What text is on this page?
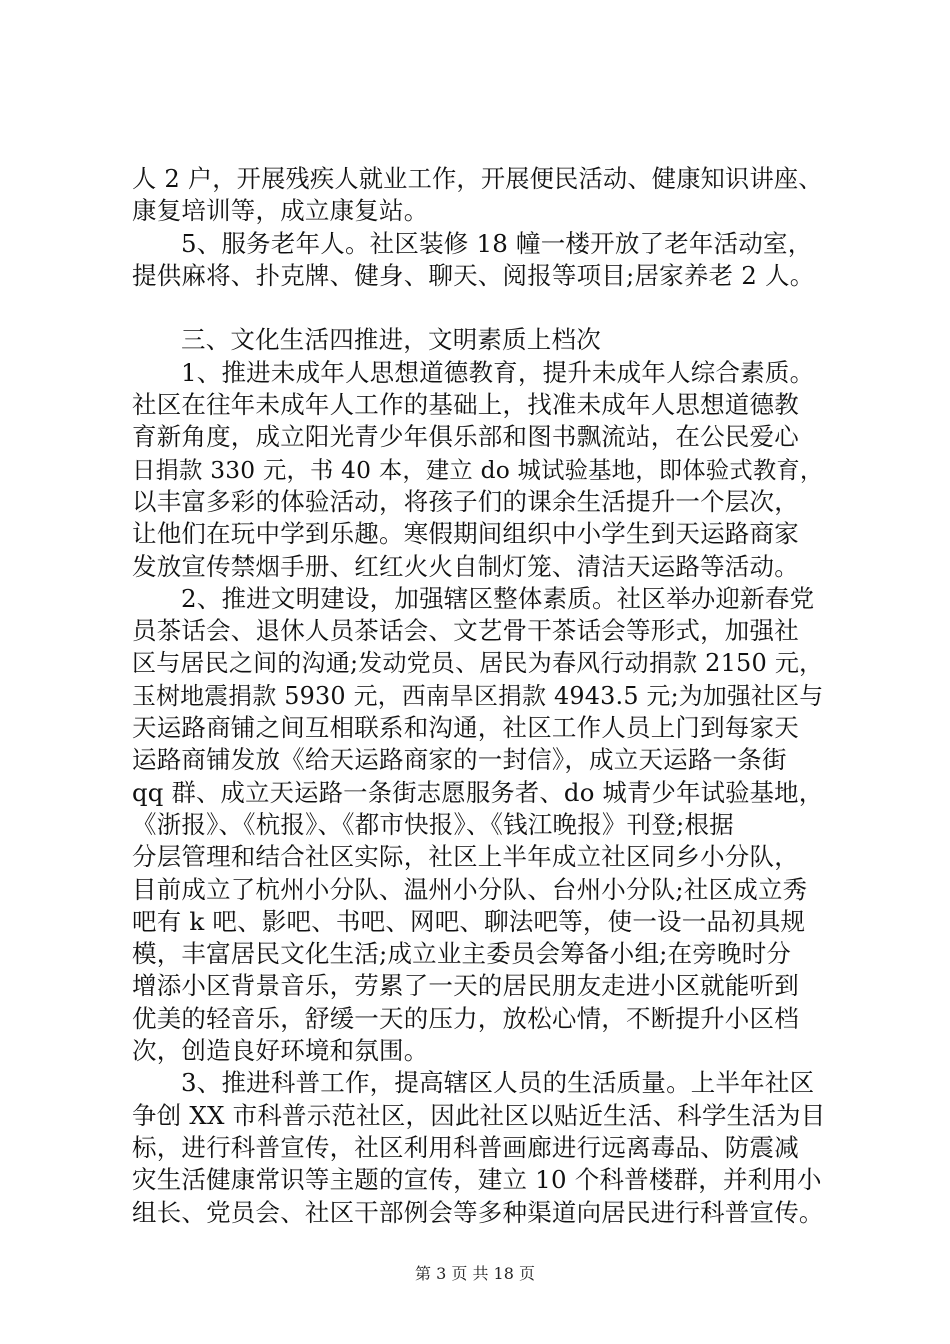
人 2 户，开展残疾人就业工作，开展便民活动、健康知识讲座、
康复培训等，成立康复站。
5、服务老年人。社区装修 18 幢一楼开放了老年活动室，
提供麻将、扑克牌、健身、聊天、阅报等项目;居家养老 2 人。
三、文化生活四推进，文明素质上档次
1、推进未成年人思想道德教育，提升未成年人综合素质。
社区在往年未成年人工作的基础上，找准未成年人思想道德教
育新角度，成立阳光青少年俱乐部和图书飘流站，在公民爱心
日捐款 330 元，书 40 本，建立 do 城试验基地，即体验式教育，
以丰富多彩的体验活动，将孩子们的课余生活提升一个层次，
让他们在玩中学到乐趣。寒假期间组织中小学生到天运路商家
发放宣传禁烟手册、红红火火自制灯笼、清洁天运路等活动。
2、推进文明建设，加强辖区整体素质。社区举办迎新春党
员茶话会、退休人员茶话会、文艺骨干茶话会等形式，加强社
区与居民之间的沟通;发动党员、居民为春风行动捐款 2150 元，
玉树地震捐款 5930 元，西南旱区捐款 4943.5 元;为加强社区与
天运路商铺之间互相联系和沟通，社区工作人员上门到每家天
运路商铺发放《给天运路商家的一封信》，成立天运路一条街
qq 群、成立天运路一条街志愿服务者、do 城青少年试验基地，
《浙报》、《杭报》、《都市快报》、《钱江晚报》刊登;根据
分层管理和结合社区实际，社区上半年成立社区同乡小分队，
目前成立了杭州小分队、温州小分队、台州小分队;社区成立秀
吧有 k 吧、影吧、书吧、网吧、聊法吧等，使一设一品初具规
模，丰富居民文化生活;成立业主委员会筹备小组;在旁晚时分
增添小区背景音乐，劳累了一天的居民朋友走进小区就能听到
优美的轻音乐，舒缓一天的压力，放松心情，不断提升小区档
次，创造良好环境和氛围。
3、推进科普工作，提高辖区人员的生活质量。上半年社区
争创 XX 市科普示范社区，因此社区以贴近生活、科学生活为目
标，进行科普宣传，社区利用科普画廊进行远离毒品、防震减
灾生活健康常识等主题的宣传，建立 10 个科普楼群，并利用小
组长、党员会、社区干部例会等多种渠道向居民进行科普宣传。
第 3 页 共 18 页
